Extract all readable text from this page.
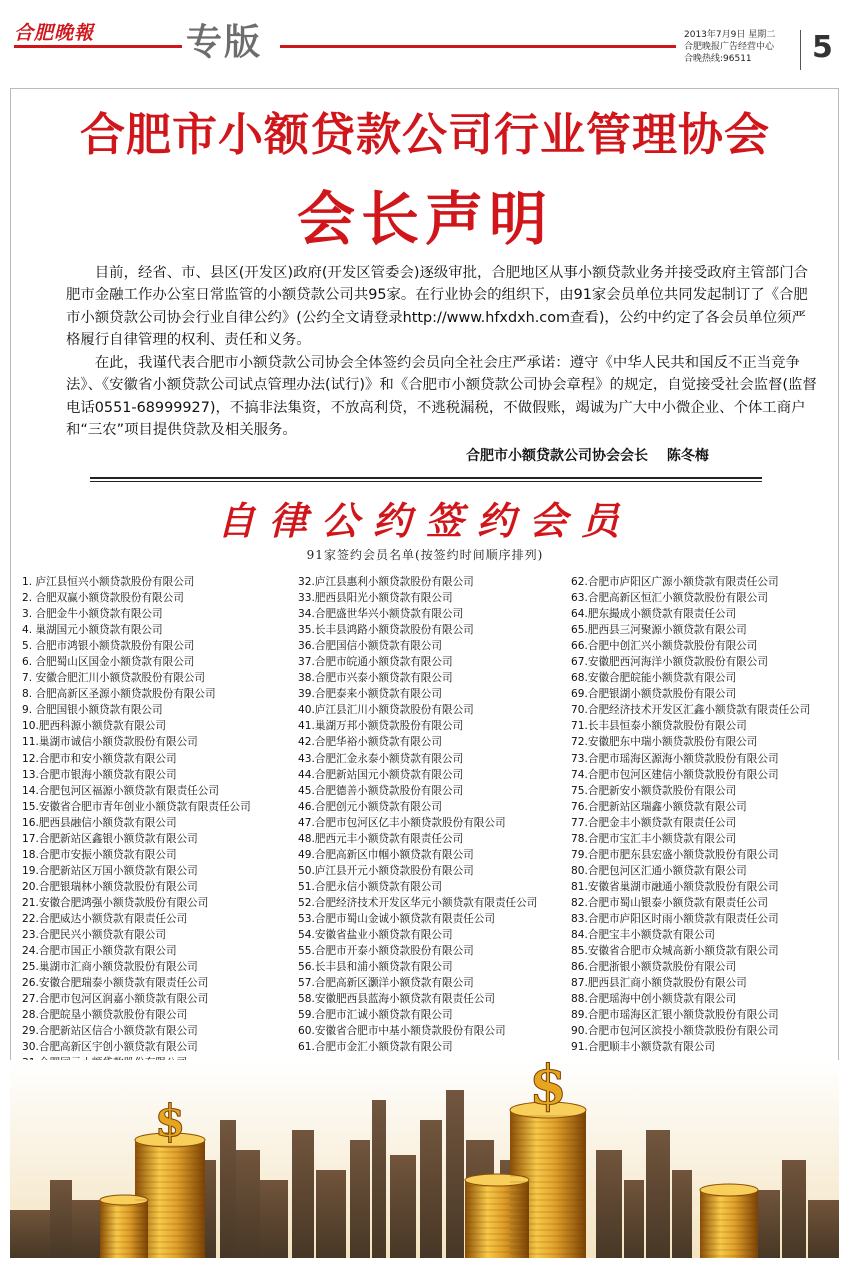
合肥晚報	专版	2013年7月9日 星期二
合肥晚报广告经营中心
合晚热线:96511	5
合肥市小额贷款公司行业管理协会
会长声明
　　目前，经省、市、县区(开发区)政府(开发区管委会)逐级审批，合肥地区从事小额贷款业务并接受政府主管部门合肥市金融工作办公室日常监管的小额贷款公司共95家。在行业协会的组织下，由91家会员单位共同发起制订了《合肥市小额贷款公司协会行业自律公约》(公约全文请登录http://www.hfxdxh.com查看)，公约中约定了各会员单位须严格履行自律管理的权利、责任和义务。
　　在此，我谨代表合肥市小额贷款公司协会全体签约会员向全社会庄严承诺：遵守《中华人民共和国反不正当竞争法》、《安徽省小额贷款公司试点管理办法(试行)》和《合肥市小额贷款公司协会章程》的规定，自觉接受社会监督(监督电话0551-68999927)，不搞非法集资，不放高利贷，不逃税漏税，不做假账，竭诚为广大中小微企业、个体工商户和“三农”项目提供贷款及相关服务。
合肥市小额贷款公司协会会长　 陈冬梅
自律公约签约会员
91家签约会员名单(按签约时间顺序排列)
1. 庐江县恒兴小额贷款股份有限公司
2. 合肥双赢小额贷款股份有限公司
3. 合肥金牛小额贷款有限公司
4. 巢湖国元小额贷款有限公司
5. 合肥市鸿银小额贷款股份有限公司
6. 合肥蜀山区国金小额贷款有限公司
7. 安徽合肥汇川小额贷款股份有限公司
8. 合肥高新区圣源小额贷款股份有限公司
9. 合肥国银小额贷款有限公司
10.肥西科源小额贷款有限公司
11.巢湖市诚信小额贷款股份有限公司
12.合肥市和安小额贷款有限公司
13.合肥市银海小额贷款有限公司
14.合肥包河区福源小额贷款有限责任公司
15.安徽省合肥市青年创业小额贷款有限责任公司
16.肥西县融信小额贷款有限公司
17.合肥新站区鑫银小额贷款有限公司
18.合肥市安振小额贷款有限公司
19.合肥新站区万国小额贷款有限公司
20.合肥银瑞林小额贷款股份有限公司
21.安徽合肥鸿强小额贷款股份有限公司
22.合肥威达小额贷款有限责任公司
23.合肥民兴小额贷款有限公司
24.合肥市国正小额贷款有限公司
25.巢湖市汇商小额贷款股份有限公司
26.安徽合肥瑞泰小额贷款有限责任公司
27.合肥市包河区润嘉小额贷款有限公司
28.合肥皖垦小额贷款股份有限公司
29.合肥新站区信合小额贷款有限公司
30.合肥高新区宇创小额贷款有限公司
32.庐江县惠利小额贷款股份有限公司
33.肥西县阳光小额贷款有限公司
34.合肥盛世华兴小额贷款有限公司
35.长丰县鸿路小额贷款股份有限公司
36.合肥国信小额贷款有限公司
37.合肥市皖通小额贷款有限公司
38.合肥市兴泰小额贷款有限公司
39.合肥泰来小额贷款有限公司
40.庐江县汇川小额贷款股份有限公司
41.巢湖万邦小额贷款股份有限公司
42.合肥华裕小额贷款有限公司
43.合肥汇金永泰小额贷款有限公司
44.合肥新站国元小额贷款有限公司
45.合肥德善小额贷款股份有限公司
46.合肥创元小额贷款有限公司
47.合肥市包河区亿丰小额贷款股份有限公司
48.肥西元丰小额贷款有限责任公司
49.合肥高新区巾帼小额贷款有限公司
50.庐江县开元小额贷款股份有限公司
51.合肥永信小额贷款有限公司
52.合肥经济技术开发区华元小额贷款有限责任公司
53.合肥市蜀山金诚小额贷款有限责任公司
54.安徽省盐业小额贷款有限公司
55.合肥市开泰小额贷款股份有限公司
56.长丰县和浦小额贷款有限公司
57.合肥高新区灏洋小额贷款有限公司
58.安徽肥西县蓝海小额贷款有限责任公司
59.合肥市汇诚小额贷款有限公司
60.安徽省合肥市中基小额贷款股份有限公司
61.合肥市金汇小额贷款有限公司
62.合肥市庐阳区广源小额贷款有限责任公司
63.合肥高新区恒汇小额贷款股份有限公司
64.肥东撮成小额贷款有限责任公司
65.肥西县三河聚源小额贷款有限公司
66.合肥中创汇兴小额贷款股份有限公司
67.安徽肥西河海洋小额贷款股份有限公司
68.安徽合肥皖能小额贷款有限公司
69.合肥银湖小额贷款股份有限公司
70.合肥经济技术开发区汇鑫小额贷款有限责任公司
71.长丰县恒泰小额贷款股份有限公司
72.安徽肥东中瑞小额贷款股份有限公司
73.合肥市瑶海区源海小额贷款股份有限公司
74.合肥市包河区建信小额贷款股份有限公司
75.合肥新安小额贷款股份有限公司
76.合肥新站区瑞鑫小额贷款有限公司
77.合肥金丰小额贷款有限责任公司
78.合肥市宝汇丰小额贷款有限公司
79.合肥市肥东县宏盛小额贷款股份有限公司
80.合肥包河区汇通小额贷款有限公司
81.安徽省巢湖市融通小额贷款股份有限公司
82.合肥市蜀山银泰小额贷款有限责任公司
83.合肥市庐阳区时雨小额贷款有限责任公司
84.合肥宝丰小额贷款有限公司
85.安徽省合肥市众城高新小额贷款有限公司
86.合肥浙银小额贷款股份有限公司
87.肥西县汇商小额贷款股份有限公司
88.合肥瑶海中创小额贷款有限公司
89.合肥市瑶海区汇银小额贷款股份有限公司
90.合肥市包河区滨投小额贷款股份有限公司
91.合肥顺丰小额贷款有限公司
$
$
